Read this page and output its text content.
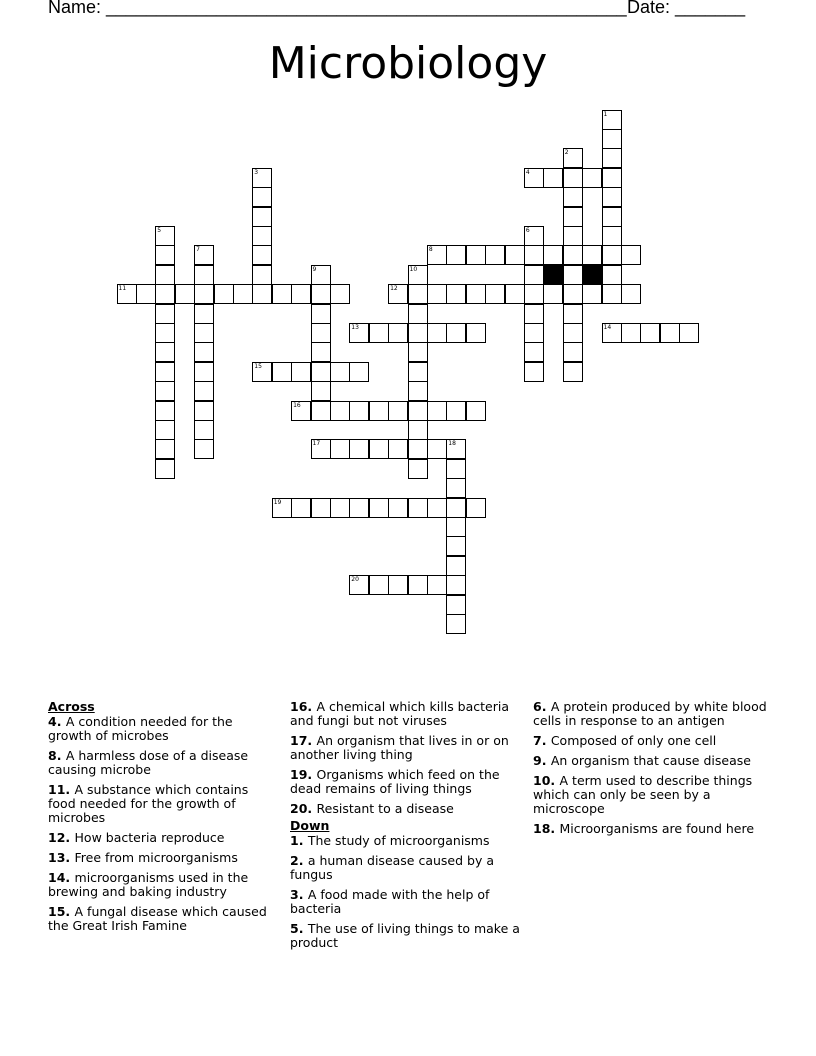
Name: ____________________________________________________ Date: _______
Microbiology
1
2
3	4
5	6
7	8
9	10
11	12
13	14
15
16
17	18
19
20
Across
4. A condition needed for the growth of microbes
8. A harmless dose of a disease causing microbe
11. A substance which contains food needed for the growth of microbes
12. How bacteria reproduce
13. Free from microorganisms
14. microorganisms used in the brewing and baking industry
15. A fungal disease which caused the Great Irish Famine
16. A chemical which kills bacteria and fungi but not viruses
17. An organism that lives in or on another living thing
19. Organisms which feed on the dead remains of living things
20. Resistant to a disease
Down
1. The study of microorganisms
2. a human disease caused by a fungus
3. A food made with the help of bacteria
5. The use of living things to make a product
6. A protein produced by white blood cells in response to an antigen
7. Composed of only one cell
9. An organism that cause disease
10. A term used to describe things which can only be seen by a microscope
18. Microorganisms are found here
